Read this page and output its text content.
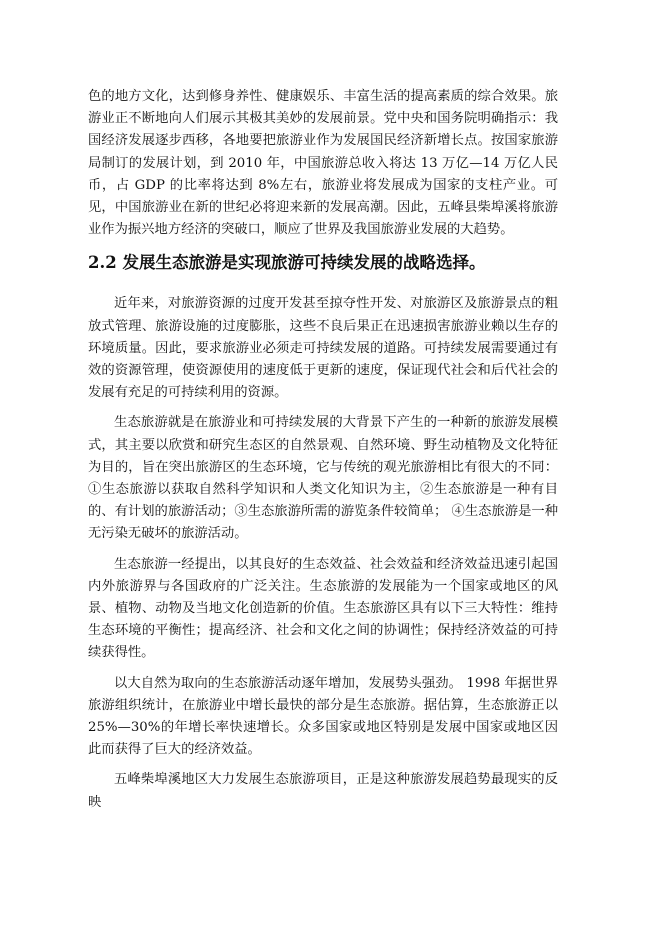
色的地方文化，达到修身养性、健康娱乐、丰富生活的提高素质的综合效果。旅游业正不断地向人们展示其极其美妙的发展前景。党中央和国务院明确指示：我国经济发展逐步西移，各地要把旅游业作为发展国民经济新增长点。按国家旅游局制订的发展计划，到 2010 年，中国旅游总收入将达 13 万亿—14 万亿人民币，占 GDP 的比率将达到 8%左右，旅游业将发展成为国家的支柱产业。可见，中国旅游业在新的世纪必将迎来新的发展高潮。因此，五峰县柴埠溪将旅游业作为振兴地方经济的突破口，顺应了世界及我国旅游业发展的大趋势。

2.2 发展生态旅游是实现旅游可持续发展的战略选择。

近年来，对旅游资源的过度开发甚至掠夺性开发、对旅游区及旅游景点的粗放式管理、旅游设施的过度膨胀，这些不良后果正在迅速损害旅游业赖以生存的环境质量。因此，要求旅游业必须走可持续发展的道路。可持续发展需要通过有效的资源管理，使资源使用的速度低于更新的速度，保证现代社会和后代社会的发展有充足的可持续利用的资源。

生态旅游就是在旅游业和可持续发展的大背景下产生的一种新的旅游发展模式，其主要以欣赏和研究生态区的自然景观、自然环境、野生动植物及文化特征为目的，旨在突出旅游区的生态环境，它与传统的观光旅游相比有很大的不同： ①生态旅游以获取自然科学知识和人类文化知识为主，②生态旅游是一种有目的、有计划的旅游活动；③生态旅游所需的游览条件较简单； ④生态旅游是一种无污染无破坏的旅游活动。

生态旅游一经提出，以其良好的生态效益、社会效益和经济效益迅速引起国内外旅游界与各国政府的广泛关注。生态旅游的发展能为一个国家或地区的风景、植物、动物及当地文化创造新的价值。生态旅游区具有以下三大特性：维持生态环境的平衡性；提高经济、社会和文化之间的协调性；保持经济效益的可持续获得性。

以大自然为取向的生态旅游活动逐年增加，发展势头强劲。 1998 年据世界旅游组织统计，在旅游业中增长最快的部分是生态旅游。据估算，生态旅游正以 25%—30%的年增长率快速增长。众多国家或地区特别是发展中国家或地区因此而获得了巨大的经济效益。

五峰柴埠溪地区大力发展生态旅游项目，正是这种旅游发展趋势最现实的反映
